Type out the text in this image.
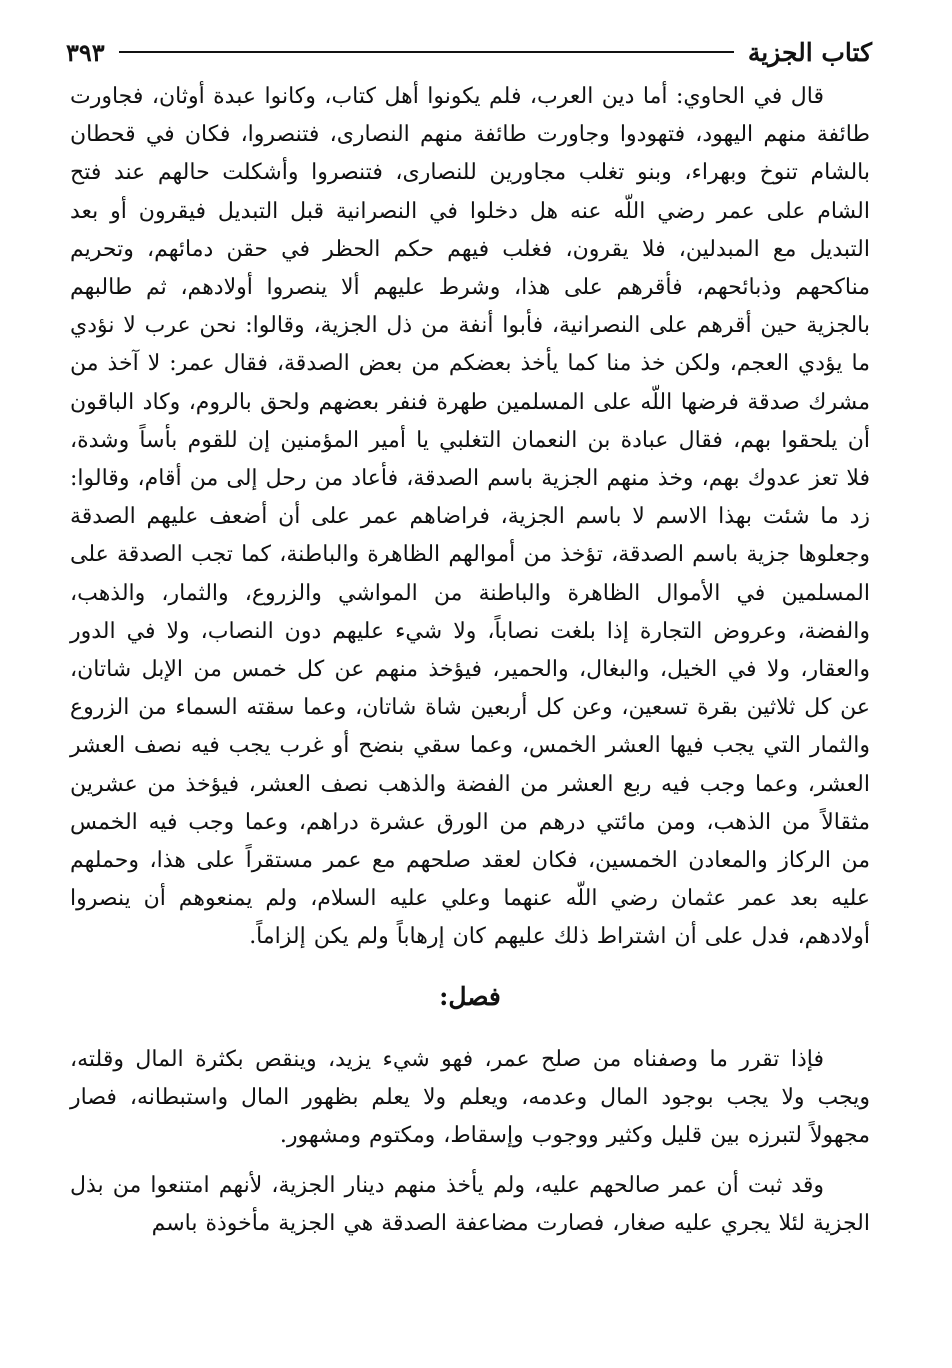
كتاب الجزية
٣٩٣

قال في الحاوي: أما دين العرب، فلم يكونوا أهل كتاب، وكانوا عبدة أوثان، فجاورت طائفة منهم اليهود، فتهودوا وجاورت طائفة منهم النصارى، فتنصروا، فكان في قحطان بالشام تنوخ وبهراء، وبنو تغلب مجاورين للنصارى، فتنصروا وأشكلت حالهم عند فتح الشام على عمر رضي اللّه عنه هل دخلوا في النصرانية قبل التبديل فيقرون أو بعد التبديل مع المبدلين، فلا يقرون، فغلب فيهم حكم الحظر في حقن دمائهم، وتحريم مناكحهم وذبائحهم، فأقرهم على هذا، وشرط عليهم ألا ينصروا أولادهم، ثم طالبهم بالجزية حين أقرهم على النصرانية، فأبوا أنفة من ذل الجزية، وقالوا: نحن عرب لا نؤدي ما يؤدي العجم، ولكن خذ منا كما يأخذ بعضكم من بعض الصدقة، فقال عمر: لا آخذ من مشرك صدقة فرضها اللّه على المسلمين طهرة فنفر بعضهم ولحق بالروم، وكاد الباقون أن يلحقوا بهم، فقال عبادة بن النعمان التغلبي يا أمير المؤمنين إن للقوم بأساً وشدة، فلا تعز عدوك بهم، وخذ منهم الجزية باسم الصدقة، فأعاد من رحل إلى من أقام، وقالوا: زد ما شئت بهذا الاسم لا باسم الجزية، فراضاهم عمر على أن أضعف عليهم الصدقة وجعلوها جزية باسم الصدقة، تؤخذ من أموالهم الظاهرة والباطنة، كما تجب الصدقة على المسلمين في الأموال الظاهرة والباطنة من المواشي والزروع، والثمار، والذهب، والفضة، وعروض التجارة إذا بلغت نصاباً، ولا شيء عليهم دون النصاب، ولا في الدور والعقار، ولا في الخيل، والبغال، والحمير، فيؤخذ منهم عن كل خمس من الإبل شاتان، عن كل ثلاثين بقرة تسعين، وعن كل أربعين شاة شاتان، وعما سقته السماء من الزروع والثمار التي يجب فيها العشر الخمس، وعما سقي بنضح أو غرب يجب فيه نصف العشر العشر، وعما وجب فيه ربع العشر من الفضة والذهب نصف العشر، فيؤخذ من عشرين مثقالاً من الذهب، ومن مائتي درهم من الورق عشرة دراهم، وعما وجب فيه الخمس من الركاز والمعادن الخمسين، فكان لعقد صلحهم مع عمر مستقراً على هذا، وحملهم عليه بعد عمر عثمان رضي اللّه عنهما وعلي عليه السلام، ولم يمنعوهم أن ينصروا أولادهم، فدل على أن اشتراط ذلك عليهم كان إرهاباً ولم يكن إلزاماً.

فصل:

فإذا تقرر ما وصفناه من صلح عمر، فهو شيء يزيد، وينقص بكثرة المال وقلته، ويجب ولا يجب بوجود المال وعدمه، ويعلم ولا يعلم بظهور المال واستبطانه، فصار مجهولاً لتبرزه بين قليل وكثير ووجوب وإسقاط، ومكتوم ومشهور.

وقد ثبت أن عمر صالحهم عليه، ولم يأخذ منهم دينار الجزية، لأنهم امتنعوا من بذل الجزية لئلا يجري عليه صغار، فصارت مضاعفة الصدقة هي الجزية مأخوذة باسم
